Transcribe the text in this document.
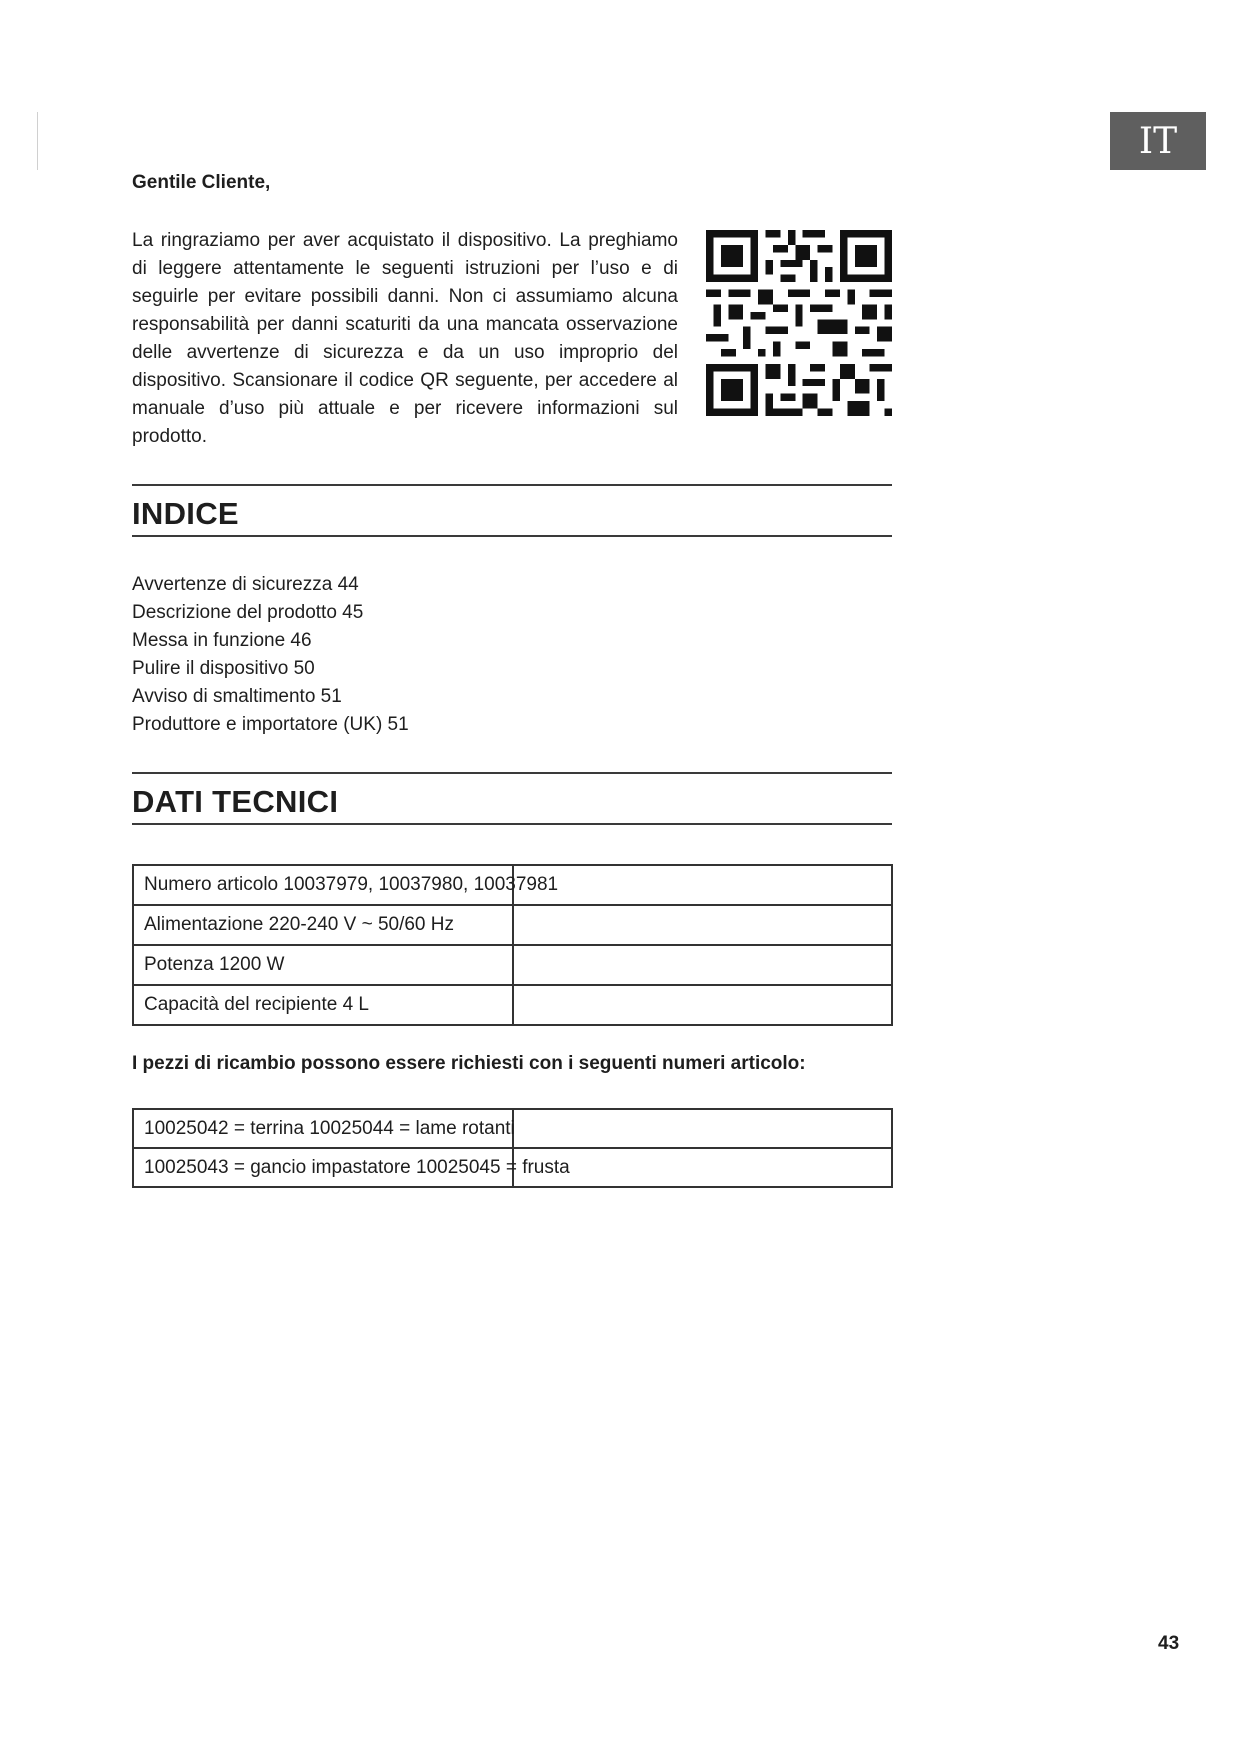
IT
Gentile Cliente,

La ringraziamo per aver acquistato il dispositivo. La preghiamo di leggere attentamente le seguenti istruzioni per l’uso e di seguirle per evitare possibili danni. Non ci assumiamo alcuna responsabilità per danni scaturiti da una mancata osservazione delle avvertenze di sicurezza e da un uso improprio del dispositivo. Scansionare il codice QR seguente, per accedere al manuale d’uso più attuale e per ricevere informazioni sul prodotto.

INDICE
Avvertenze di sicurezza 44
Descrizione del prodotto 45
Messa in funzione 46
Pulire il dispositivo 50
Avviso di smaltimento 51
Produttore e importatore (UK) 51
DATI TECNICI
Numero articolo 10037979, 10037980, 10037981	
Alimentazione 220-240 V ~ 50/60 Hz	
Potenza 1200 W	
Capacità del recipiente 4 L	
I pezzi di ricambio possono essere richiesti con i seguenti numeri articolo:
10025042 = terrina 10025044 = lame rotanti	
10025043 = gancio impastatore 10025045 = frusta	
43
